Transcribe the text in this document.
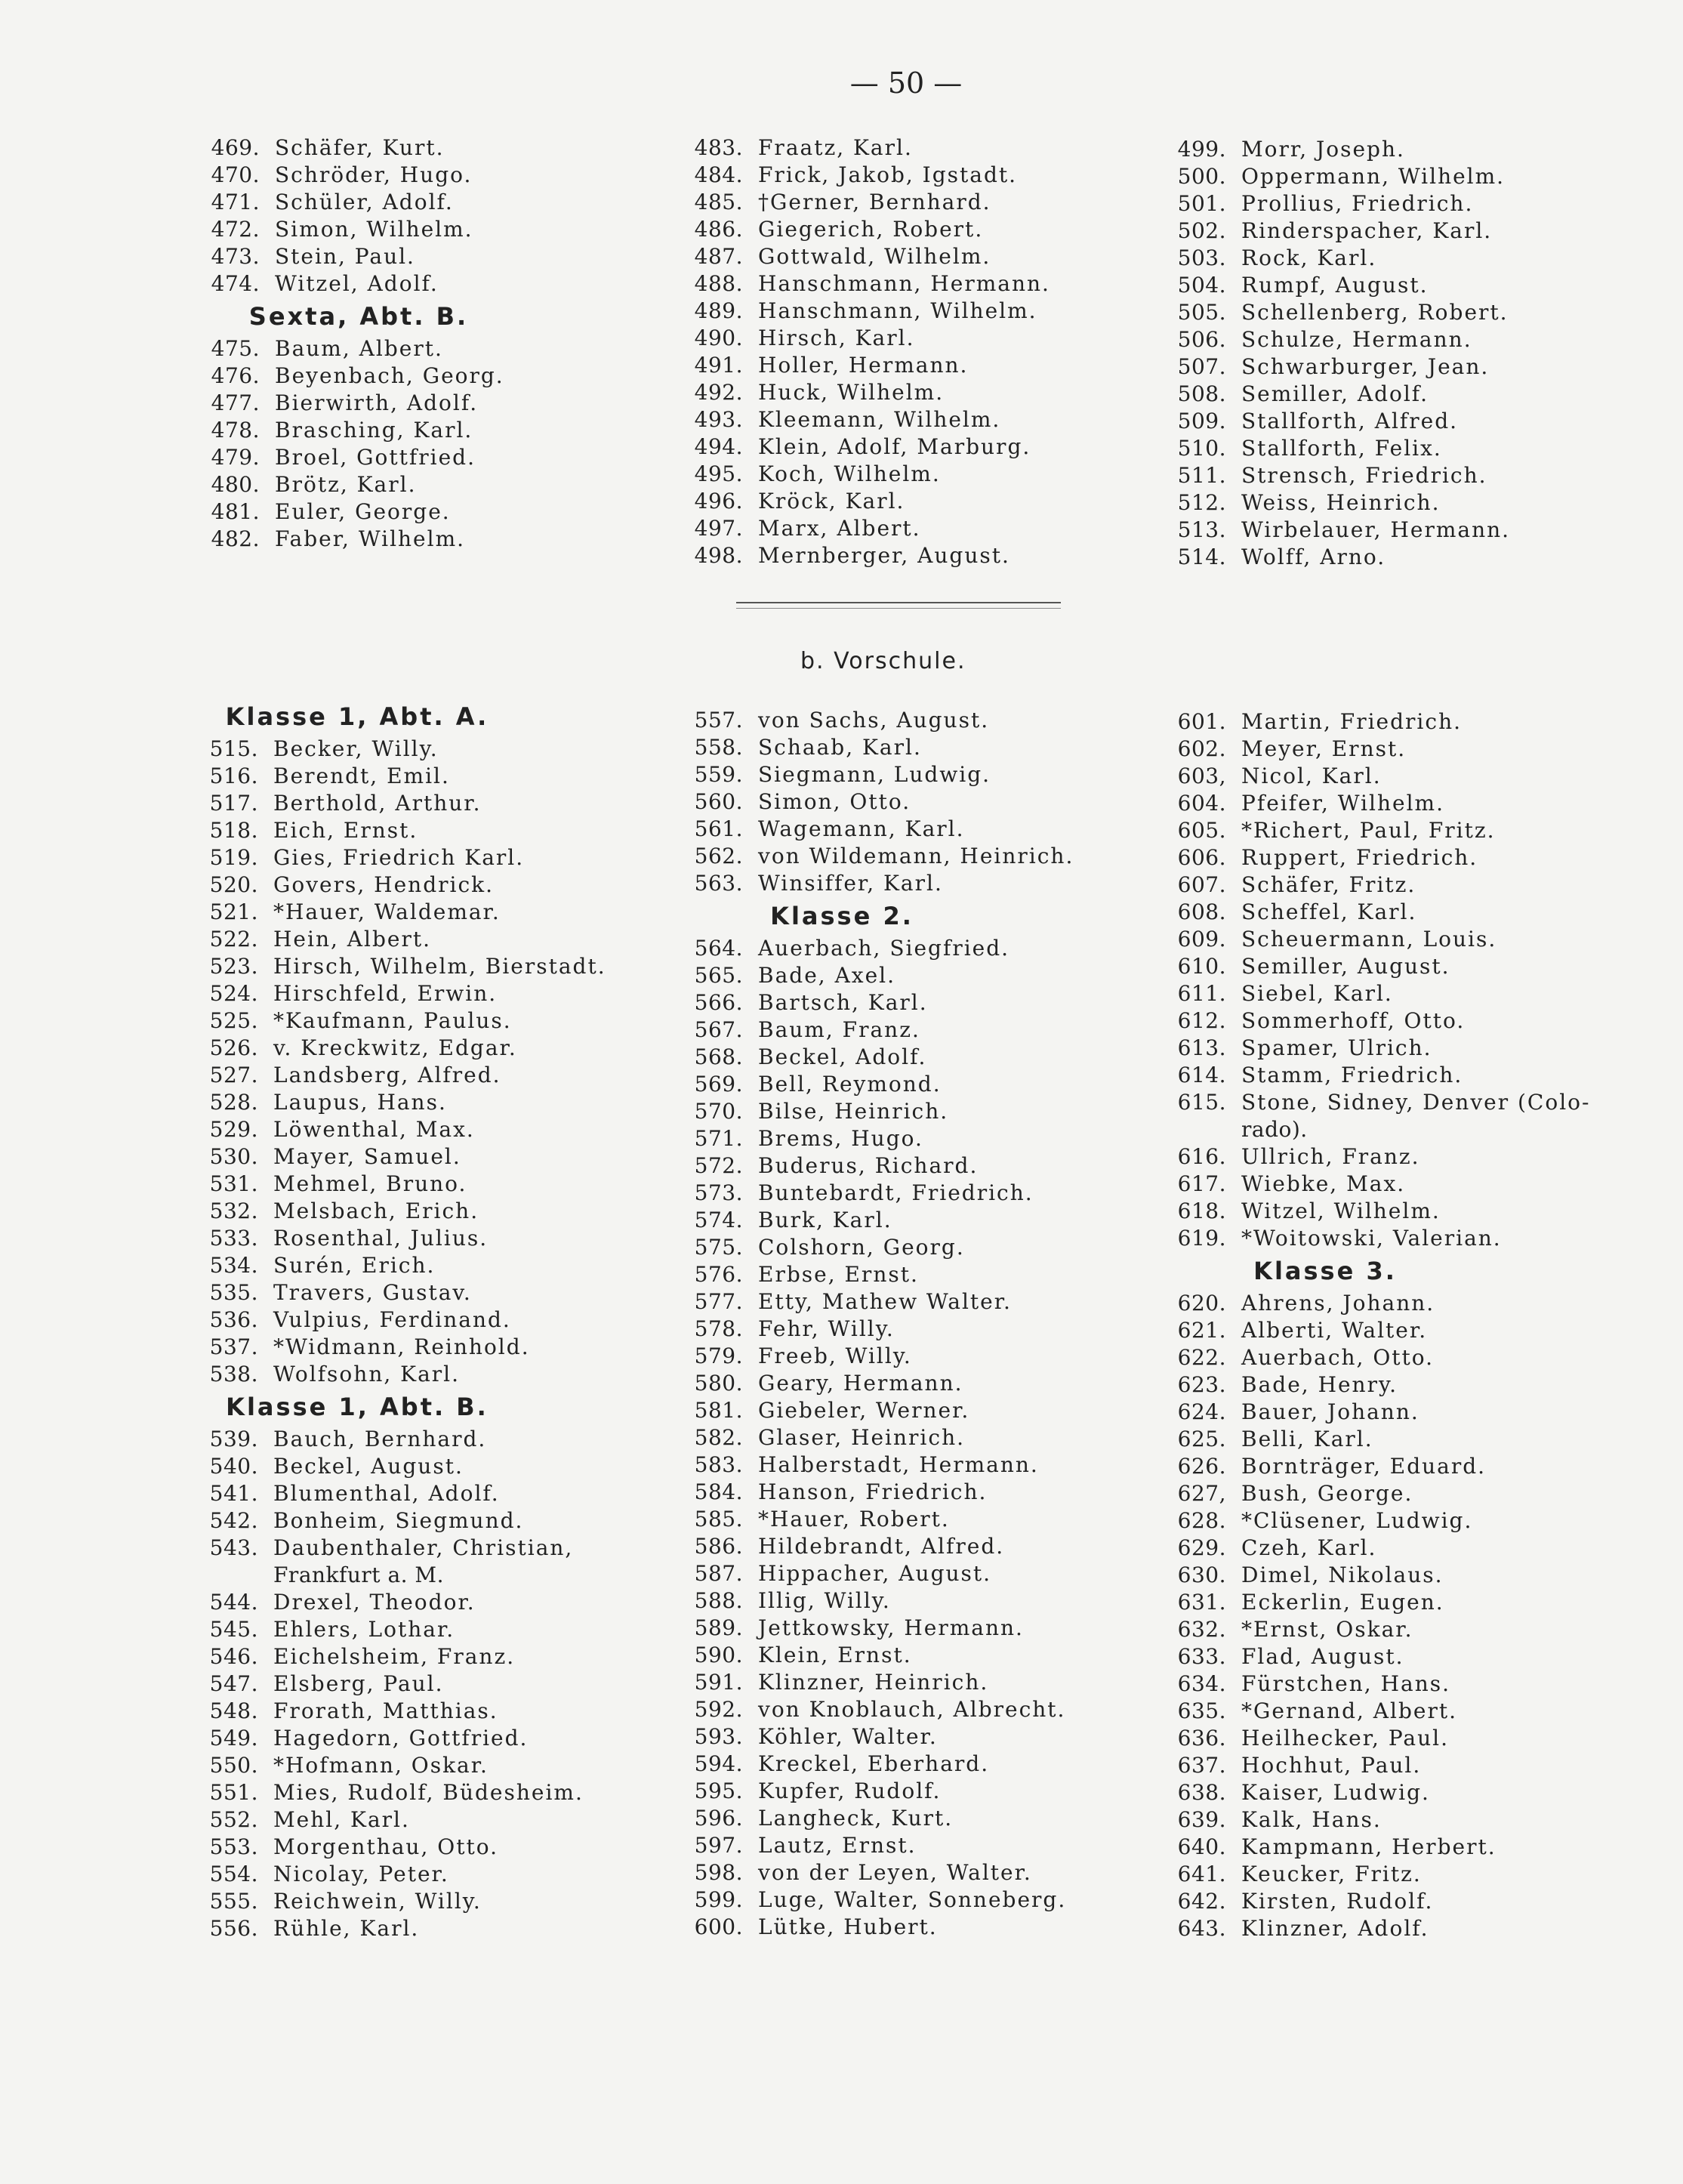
— 50 —
469. Schäfer, Kurt.
470. Schröder, Hugo.
471. Schüler, Adolf.
472. Simon, Wilhelm.
473. Stein, Paul.
474. Witzel, Adolf.
Sexta, Abt. B.
475. Baum, Albert.
476. Beyenbach, Georg.
477. Bierwirth, Adolf.
478. Brasching, Karl.
479. Broel, Gottfried.
480. Brötz, Karl.
481. Euler, George.
482. Faber, Wilhelm.
483. Fraatz, Karl.
484. Frick, Jakob, Igstadt.
485. †Gerner, Bernhard.
486. Giegerich, Robert.
487. Gottwald, Wilhelm.
488. Hanschmann, Hermann.
489. Hanschmann, Wilhelm.
490. Hirsch, Karl.
491. Holler, Hermann.
492. Huck, Wilhelm.
493. Kleemann, Wilhelm.
494. Klein, Adolf, Marburg.
495. Koch, Wilhelm.
496. Kröck, Karl.
497. Marx, Albert.
498. Mernberger, August.
499. Morr, Joseph.
500. Oppermann, Wilhelm.
501. Prollius, Friedrich.
502. Rinderspacher, Karl.
503. Rock, Karl.
504. Rumpf, August.
505. Schellenberg, Robert.
506. Schulze, Hermann.
507. Schwarburger, Jean.
508. Semiller, Adolf.
509. Stallforth, Alfred.
510. Stallforth, Felix.
511. Strensch, Friedrich.
512. Weiss, Heinrich.
513. Wirbelauer, Hermann.
514. Wolff, Arno.
b. Vorschule.
Klasse 1, Abt. A.
515. Becker, Willy.
516. Berendt, Emil.
517. Berthold, Arthur.
518. Eich, Ernst.
519. Gies, Friedrich Karl.
520. Govers, Hendrick.
521. *Hauer, Waldemar.
522. Hein, Albert.
523. Hirsch, Wilhelm, Bierstadt.
524. Hirschfeld, Erwin.
525. *Kaufmann, Paulus.
526. v. Kreckwitz, Edgar.
527. Landsberg, Alfred.
528. Laupus, Hans.
529. Löwenthal, Max.
530. Mayer, Samuel.
531. Mehmel, Bruno.
532. Melsbach, Erich.
533. Rosenthal, Julius.
534. Surén, Erich.
535. Travers, Gustav.
536. Vulpius, Ferdinand.
537. *Widmann, Reinhold.
538. Wolfsohn, Karl.
Klasse 1, Abt. B.
539. Bauch, Bernhard.
540. Beckel, August.
541. Blumenthal, Adolf.
542. Bonheim, Siegmund.
543. Daubenthaler, Christian,
Frankfurt a. M.
544. Drexel, Theodor.
545. Ehlers, Lothar.
546. Eichelsheim, Franz.
547. Elsberg, Paul.
548. Frorath, Matthias.
549. Hagedorn, Gottfried.
550. *Hofmann, Oskar.
551. Mies, Rudolf, Büdesheim.
552. Mehl, Karl.
553. Morgenthau, Otto.
554. Nicolay, Peter.
555. Reichwein, Willy.
556. Rühle, Karl.
557. von Sachs, August.
558. Schaab, Karl.
559. Siegmann, Ludwig.
560. Simon, Otto.
561. Wagemann, Karl.
562. von Wildemann, Heinrich.
563. Winsiffer, Karl.
Klasse 2.
564. Auerbach, Siegfried.
565. Bade, Axel.
566. Bartsch, Karl.
567. Baum, Franz.
568. Beckel, Adolf.
569. Bell, Reymond.
570. Bilse, Heinrich.
571. Brems, Hugo.
572. Buderus, Richard.
573. Buntebardt, Friedrich.
574. Burk, Karl.
575. Colshorn, Georg.
576. Erbse, Ernst.
577. Etty, Mathew Walter.
578. Fehr, Willy.
579. Freeb, Willy.
580. Geary, Hermann.
581. Giebeler, Werner.
582. Glaser, Heinrich.
583. Halberstadt, Hermann.
584. Hanson, Friedrich.
585. *Hauer, Robert.
586. Hildebrandt, Alfred.
587. Hippacher, August.
588. Illig, Willy.
589. Jettkowsky, Hermann.
590. Klein, Ernst.
591. Klinzner, Heinrich.
592. von Knoblauch, Albrecht.
593. Köhler, Walter.
594. Kreckel, Eberhard.
595. Kupfer, Rudolf.
596. Langheck, Kurt.
597. Lautz, Ernst.
598. von der Leyen, Walter.
599. Luge, Walter, Sonneberg.
600. Lütke, Hubert.
601. Martin, Friedrich.
602. Meyer, Ernst.
603, Nicol, Karl.
604. Pfeifer, Wilhelm.
605. *Richert, Paul, Fritz.
606. Ruppert, Friedrich.
607. Schäfer, Fritz.
608. Scheffel, Karl.
609. Scheuermann, Louis.
610. Semiller, August.
611. Siebel, Karl.
612. Sommerhoff, Otto.
613. Spamer, Ulrich.
614. Stamm, Friedrich.
615. Stone, Sidney, Denver (Colo-
rado).
616. Ullrich, Franz.
617. Wiebke, Max.
618. Witzel, Wilhelm.
619. *Woitowski, Valerian.
Klasse 3.
620. Ahrens, Johann.
621. Alberti, Walter.
622. Auerbach, Otto.
623. Bade, Henry.
624. Bauer, Johann.
625. Belli, Karl.
626. Bornträger, Eduard.
627, Bush, George.
628. *Clüsener, Ludwig.
629. Czeh, Karl.
630. Dimel, Nikolaus.
631. Eckerlin, Eugen.
632. *Ernst, Oskar.
633. Flad, August.
634. Fürstchen, Hans.
635. *Gernand, Albert.
636. Heilhecker, Paul.
637. Hochhut, Paul.
638. Kaiser, Ludwig.
639. Kalk, Hans.
640. Kampmann, Herbert.
641. Keucker, Fritz.
642. Kirsten, Rudolf.
643. Klinzner, Adolf.
